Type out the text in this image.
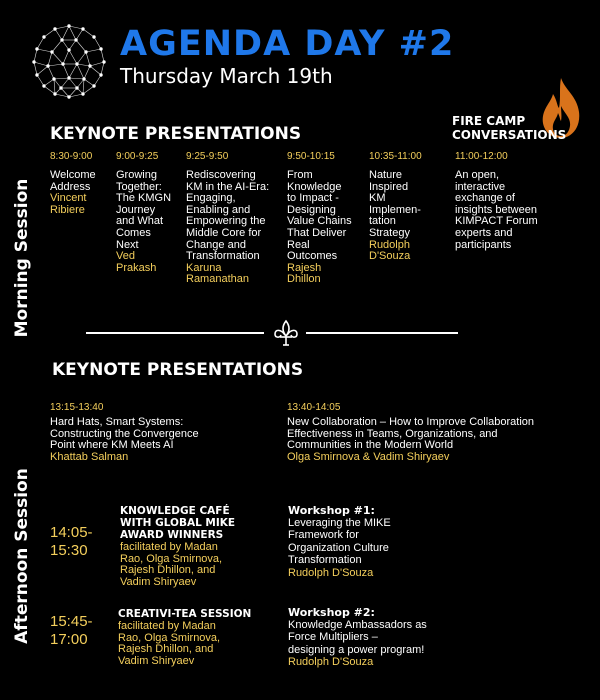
AGENDA DAY #2
Thursday March 19th
Morning Session
KEYNOTE PRESENTATIONS
FIRE CAMP
CONVERSATIONS
8:30-9:00
Welcome
Address
Vincent
Ribiere
9:00-9:25
Growing
Together:
The KMGN
Journey
and What
Comes
Next
Ved
Prakash
9:25-9:50
Rediscovering
KM in the AI-Era:
Engaging,
Enabling and
Empowering the
Middle Core for
Change and
Transformation
Karuna
Ramanathan
9:50-10:15
From
Knowledge
to Impact -
Designing
Value Chains
That Deliver
Real
Outcomes
Rajesh
Dhillon
10:35-11:00
Nature
Inspired
KM
Implemen-
tation
Strategy
Rudolph
D'Souza
11:00-12:00
An open,
interactive
exchange of
insights between
KIMPACT Forum
experts and
participants
Afternoon Session
KEYNOTE PRESENTATIONS
13:15-13:40
Hard Hats, Smart Systems:
Constructing the Convergence
Point where KM Meets AI
Khattab Salman
13:40-14:05
New Collaboration – How to Improve Collaboration
Effectiveness in Teams, Organizations, and
Communities in the Modern World
Olga Smirnova & Vadim Shiryaev
14:05-
15:30
KNOWLEDGE CAFÉ
WITH GLOBAL MIKE
AWARD WINNERS
facilitated by Madan
Rao, Olga Smirnova,
Rajesh Dhillon, and
Vadim Shiryaev
Workshop #1:
Leveraging the MIKE
Framework for
Organization Culture
Transformation
Rudolph D'Souza
15:45-
17:00
CREATIVI-TEA SESSION
facilitated by Madan
Rao, Olga Smirnova,
Rajesh Dhillon, and
Vadim Shiryaev
Workshop #2:
Knowledge Ambassadors as
Force Multipliers –
designing a power program!
Rudolph D'Souza
